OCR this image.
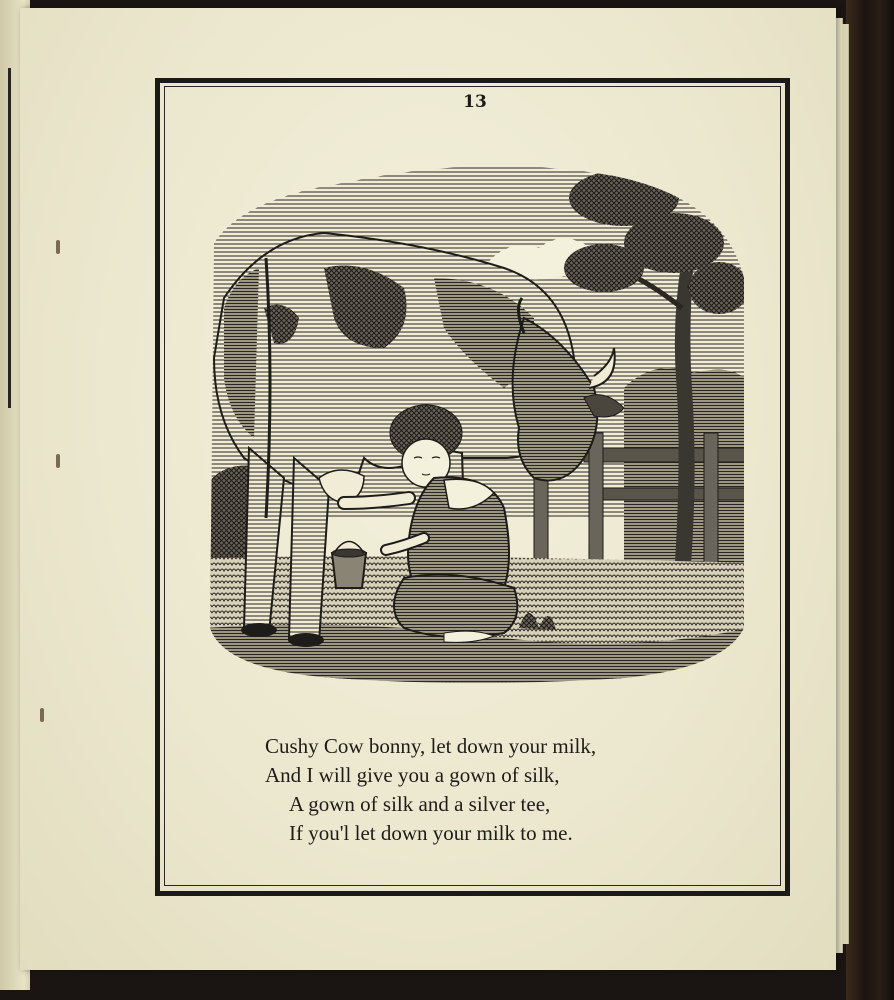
13
Cushy Cow bonny, let down your milk,
And I will give you a gown of silk,
A gown of silk and a silver tee,
If you'l let down your milk to me.
